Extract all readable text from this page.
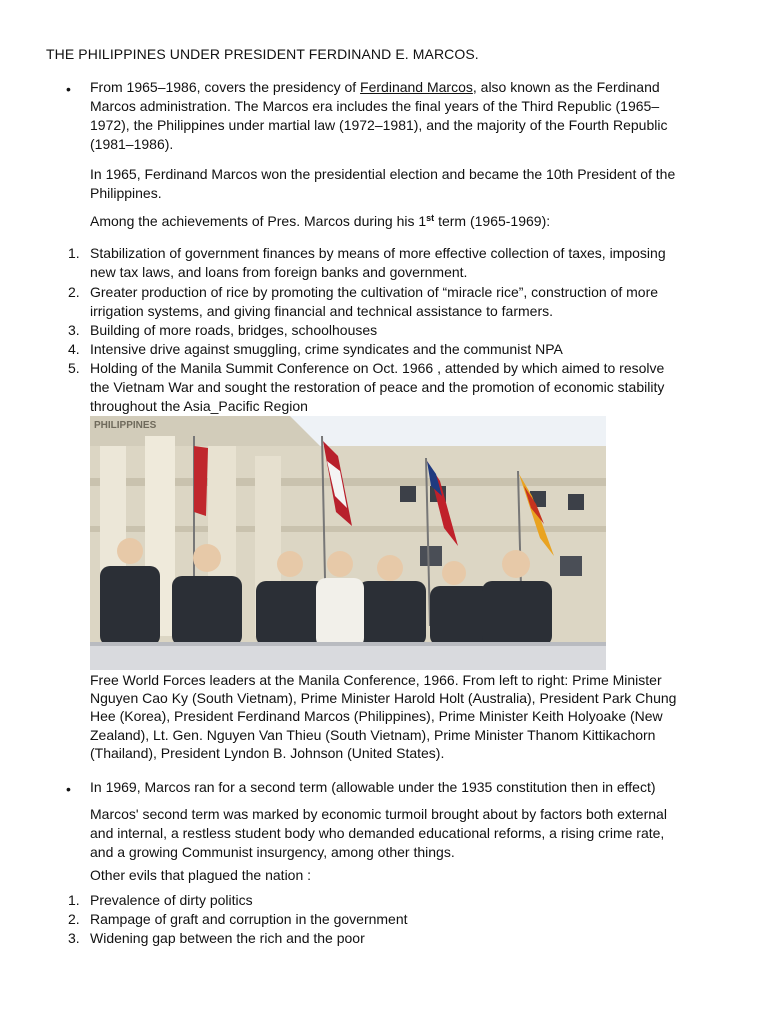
THE PHILIPPINES UNDER PRESIDENT FERDINAND E. MARCOS.
• From 1965–1986, covers the presidency of Ferdinand Marcos, also known as the Ferdinand
Marcos administration. The Marcos era includes the final years of the Third Republic (1965–
1972), the Philippines under martial law (1972–1981), and the majority of the Fourth Republic
(1981–1986).
In 1965, Ferdinand Marcos won the presidential election and became the 10th President of the
Philippines.
Among the achievements of Pres. Marcos during his 1st term (1965-1969):
1. Stabilization of government finances by means of more effective collection of taxes, imposing
new tax laws, and loans from foreign banks and government.
2. Greater production of rice by promoting the cultivation of “miracle rice”, construction of more
irrigation systems, and giving financial and technical assistance to farmers.
3. Building of more roads, bridges, schoolhouses
4. Intensive drive against smuggling, crime syndicates and the communist NPA
5. Holding of the Manila Summit Conference on Oct. 1966 , attended by which aimed to resolve
the Vietnam War and sought the restoration of peace and the promotion of economic stability
throughout the Asia_Pacific Region
PHILIPPINES
Free World Forces leaders at the Manila Conference, 1966. From left to right: Prime Minister
Nguyen Cao Ky (South Vietnam), Prime Minister Harold Holt (Australia), President Park Chung
Hee (Korea), President Ferdinand Marcos (Philippines), Prime Minister Keith Holyoake (New
Zealand), Lt. Gen. Nguyen Van Thieu (South Vietnam), Prime Minister Thanom Kittikachorn
(Thailand), President Lyndon B. Johnson (United States).
• In 1969, Marcos ran for a second term (allowable under the 1935 constitution then in effect)
Marcos' second term was marked by economic turmoil brought about by factors both external
and internal, a restless student body who demanded educational reforms, a rising crime rate,
and a growing Communist insurgency, among other things.
Other evils that plagued the nation :
1. Prevalence of dirty politics
2. Rampage of graft and corruption in the government
3. Widening gap between the rich and the poor
